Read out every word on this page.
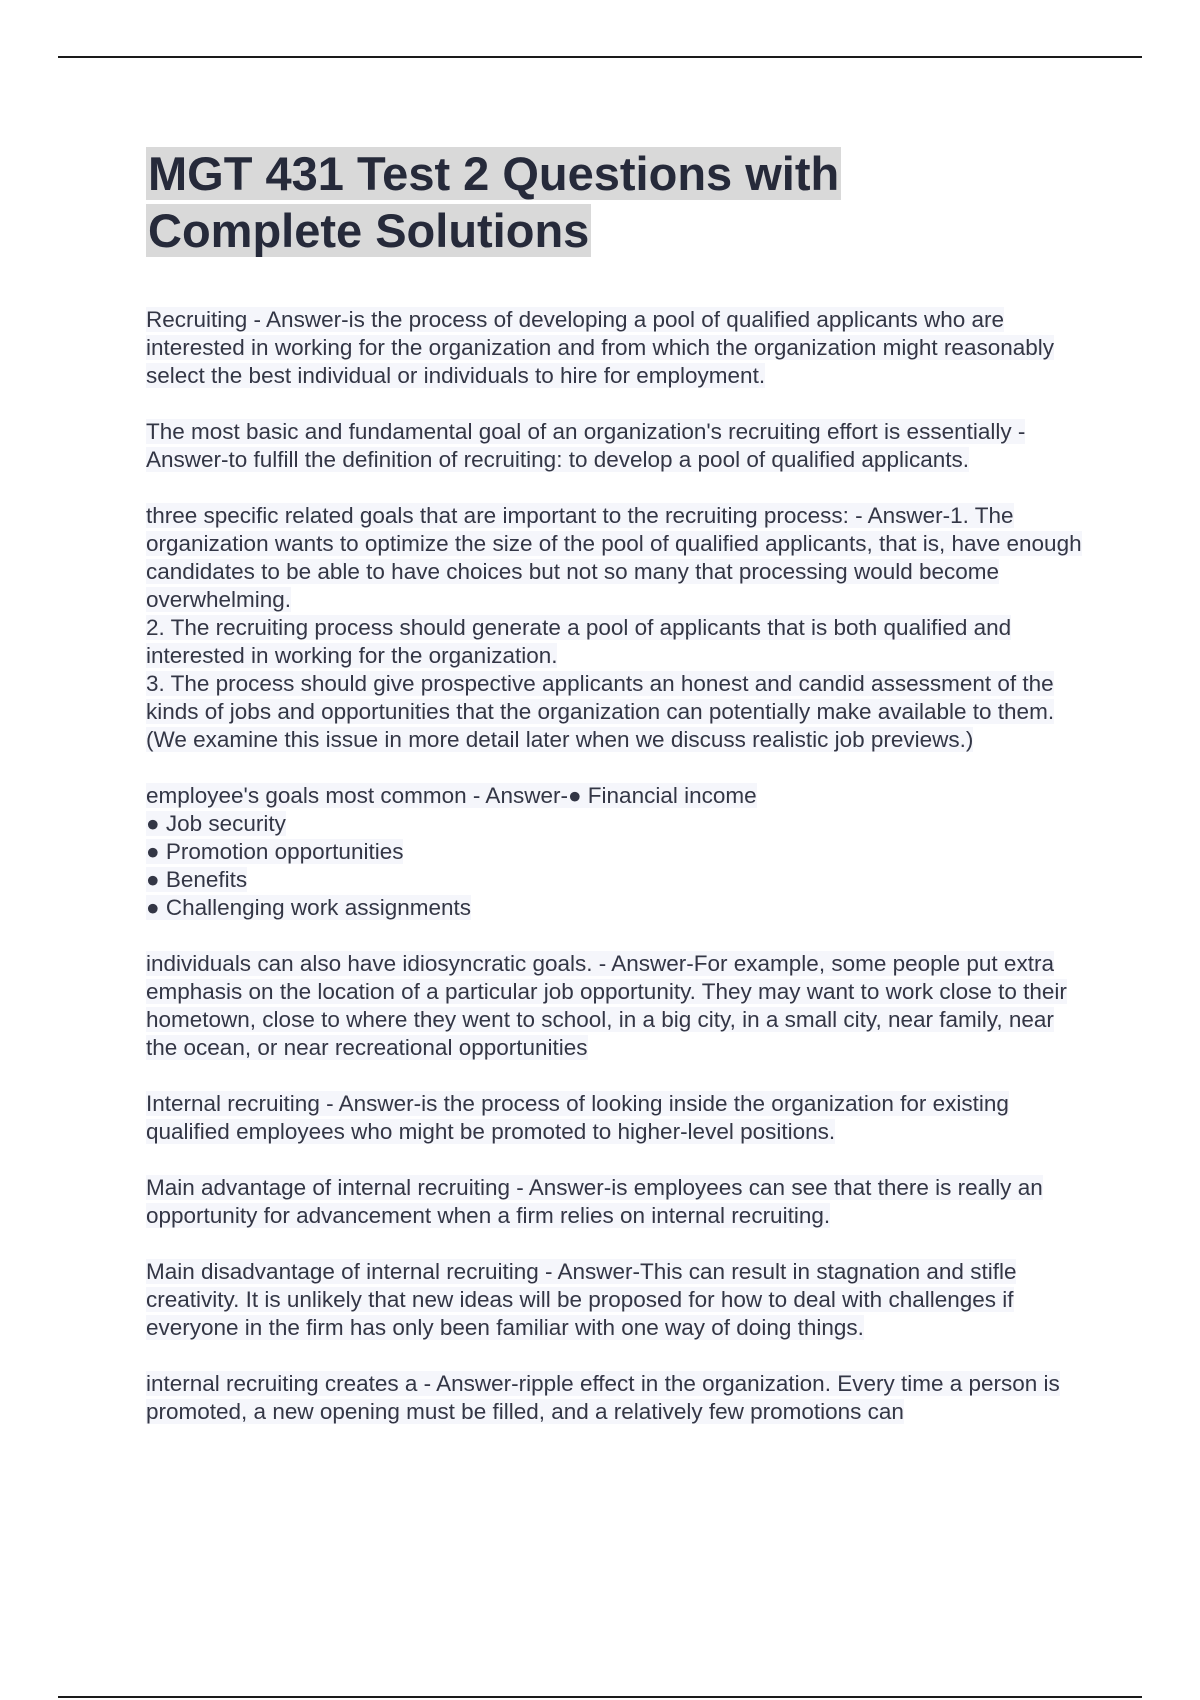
MGT 431 Test 2 Questions with Complete Solutions

Recruiting - Answer-is the process of developing a pool of qualified applicants who are interested in working for the organization and from which the organization might reasonably select the best individual or individuals to hire for employment.

The most basic and fundamental goal of an organization's recruiting effort is essentially - Answer-to fulfill the definition of recruiting: to develop a pool of qualified applicants.

three specific related goals that are important to the recruiting process: - Answer-1. The organization wants to optimize the size of the pool of qualified applicants, that is, have enough candidates to be able to have choices but not so many that processing would become overwhelming.
2. The recruiting process should generate a pool of applicants that is both qualified and interested in working for the organization.
3. The process should give prospective applicants an honest and candid assessment of the kinds of jobs and opportunities that the organization can potentially make available to them. (We examine this issue in more detail later when we discuss realistic job previews.)

employee's goals most common - Answer-● Financial income
● Job security
● Promotion opportunities
● Benefits
● Challenging work assignments

individuals can also have idiosyncratic goals. - Answer-For example, some people put extra emphasis on the location of a particular job opportunity. They may want to work close to their hometown, close to where they went to school, in a big city, in a small city, near family, near the ocean, or near recreational opportunities

Internal recruiting - Answer-is the process of looking inside the organization for existing qualified employees who might be promoted to higher-level positions.

Main advantage of internal recruiting - Answer-is employees can see that there is really an opportunity for advancement when a firm relies on internal recruiting.

Main disadvantage of internal recruiting - Answer-This can result in stagnation and stifle creativity. It is unlikely that new ideas will be proposed for how to deal with challenges if everyone in the firm has only been familiar with one way of doing things.

internal recruiting creates a - Answer-ripple effect in the organization. Every time a person is promoted, a new opening must be filled, and a relatively few promotions can
